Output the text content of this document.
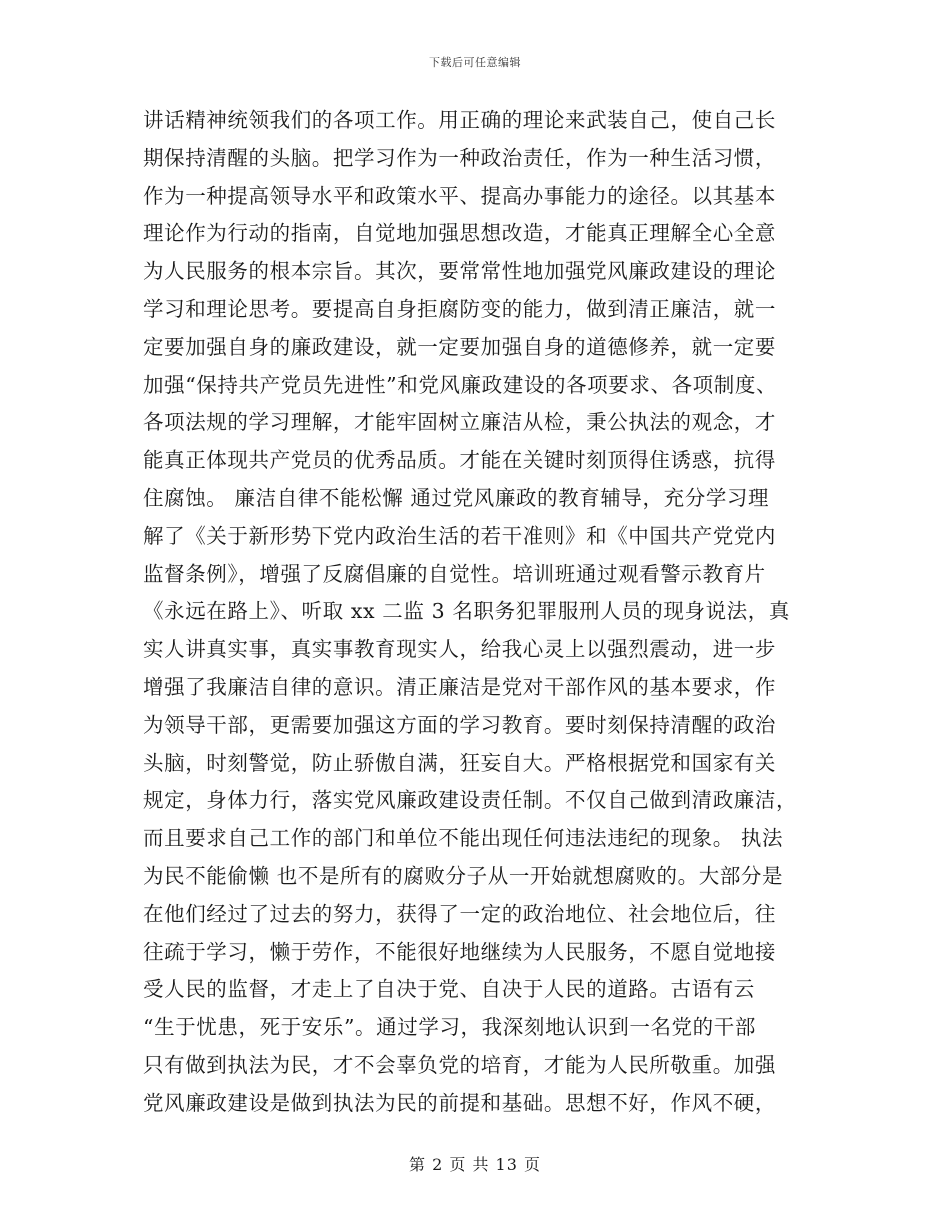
下载后可任意编辑
讲话精神统领我们的各项工作。用正确的理论来武装自己，使自己长
期保持清醒的头脑。把学习作为一种政治责任，作为一种生活习惯，
作为一种提高领导水平和政策水平、提高办事能力的途径。以其基本
理论作为行动的指南，自觉地加强思想改造，才能真正理解全心全意
为人民服务的根本宗旨。其次，要常常性地加强党风廉政建设的理论
学习和理论思考。要提高自身拒腐防变的能力，做到清正廉洁，就一
定要加强自身的廉政建设，就一定要加强自身的道德修养，就一定要
加强“保持共产党员先进性”和党风廉政建设的各项要求、各项制度、
各项法规的学习理解，才能牢固树立廉洁从检，秉公执法的观念，才
能真正体现共产党员的优秀品质。才能在关键时刻顶得住诱惑，抗得
住腐蚀。 廉洁自律不能松懈 通过党风廉政的教育辅导，充分学习理
解了《关于新形势下党内政治生活的若干准则》和《中国共产党党内
监督条例》，增强了反腐倡廉的自觉性。培训班通过观看警示教育片
《永远在路上》、听取 xx 二监 3 名职务犯罪服刑人员的现身说法，真
实人讲真实事，真实事教育现实人，给我心灵上以强烈震动，进一步
增强了我廉洁自律的意识。清正廉洁是党对干部作风的基本要求，作
为领导干部，更需要加强这方面的学习教育。要时刻保持清醒的政治
头脑，时刻警觉，防止骄傲自满，狂妄自大。严格根据党和国家有关
规定，身体力行，落实党风廉政建设责任制。不仅自己做到清政廉洁，
而且要求自己工作的部门和单位不能出现任何违法违纪的现象。 执法
为民不能偷懒 也不是所有的腐败分子从一开始就想腐败的。大部分是
在他们经过了过去的努力，获得了一定的政治地位、社会地位后，往
往疏于学习，懒于劳作，不能很好地继续为人民服务，不愿自觉地接
受人民的监督，才走上了自决于党、自决于人民的道路。古语有云
“生于忧患，死于安乐”。通过学习，我深刻地认识到一名党的干部
只有做到执法为民，才不会辜负党的培育，才能为人民所敬重。加强
党风廉政建设是做到执法为民的前提和基础。思想不好，作风不硬，
第 2 页 共 13 页
